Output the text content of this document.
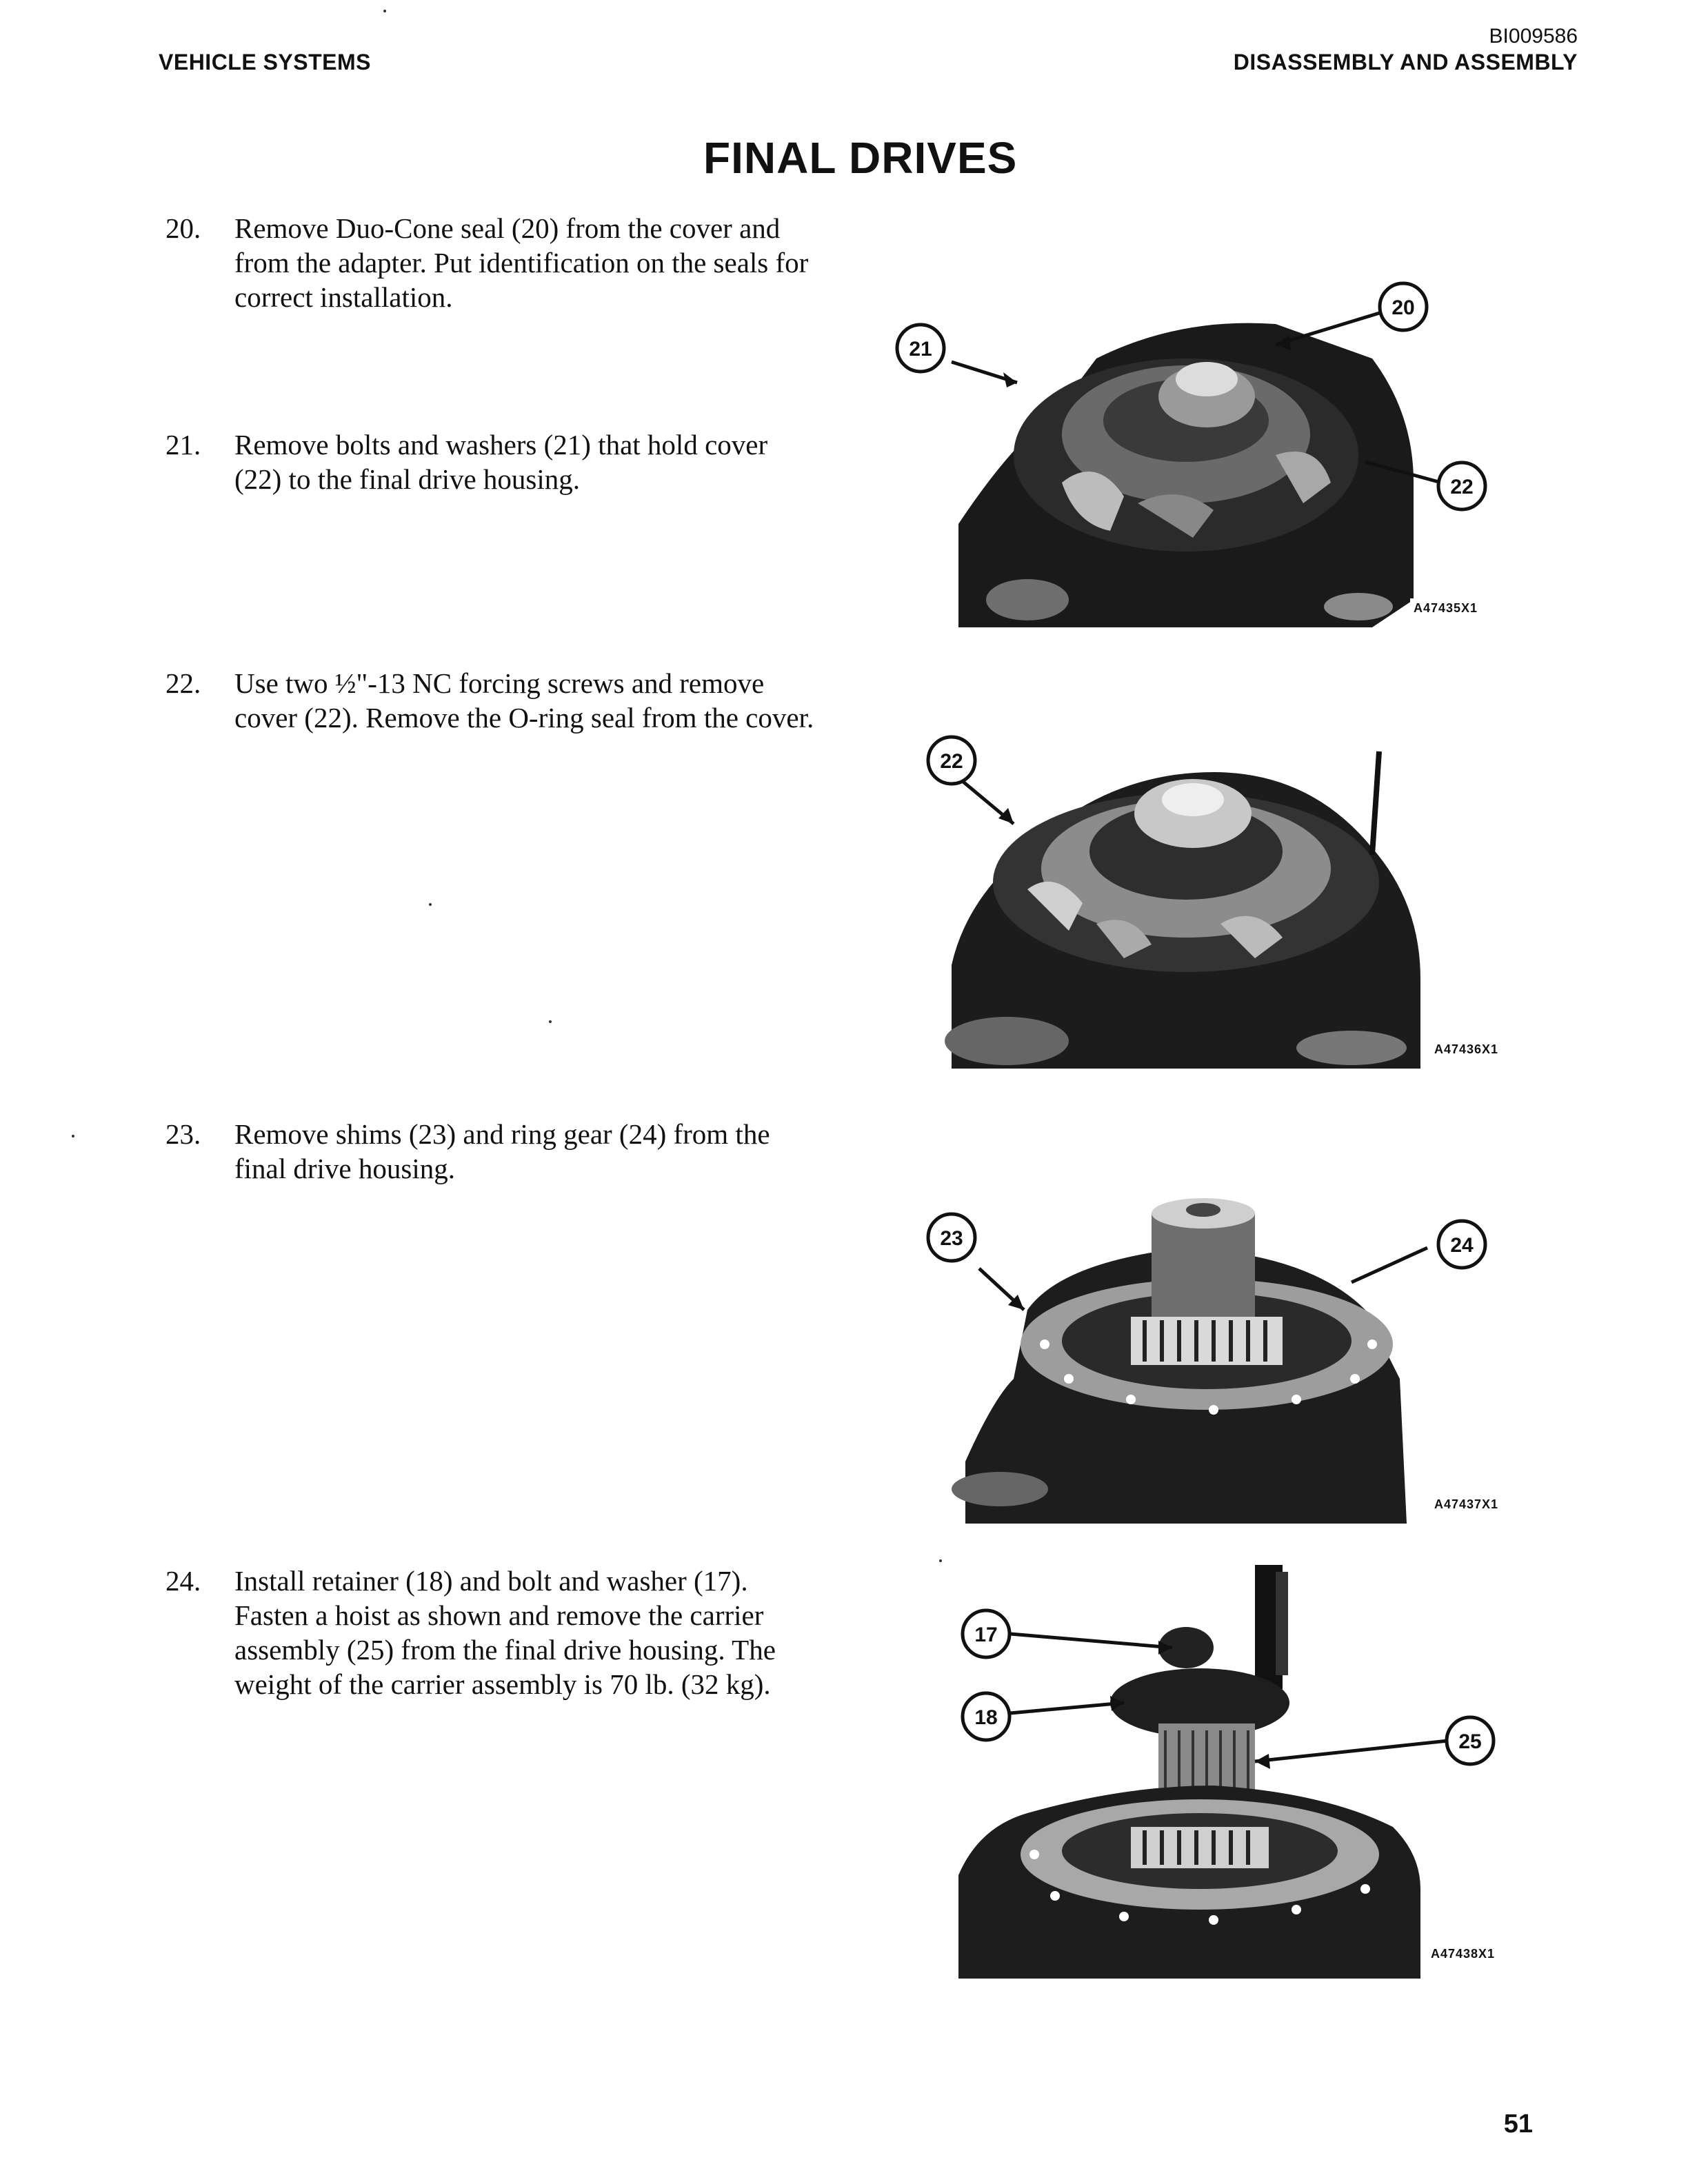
VEHICLE SYSTEMS
BI009586
DISASSEMBLY AND ASSEMBLY
FINAL DRIVES
20.	Remove Duo-Cone seal (20) from the cover and from the adapter. Put identification on the seals for correct installation.
21.	Remove bolts and washers (21) that hold cover (22) to the final drive housing.
22.	Use two ½"-13 NC forcing screws and remove cover (22). Remove the O-ring seal from the cover.
23.	Remove shims (23) and ring gear (24) from the final drive housing.
24.	Install retainer (18) and bolt and washer (17). Fasten a hoist as shown and remove the carrier assembly (25) from the final drive housing. The weight of the carrier assembly is 70 lb. (32 kg).
21
20
22
A47435X1
22
A47436X1
23	24
A47437X1
17
18
25
A47438X1
51
